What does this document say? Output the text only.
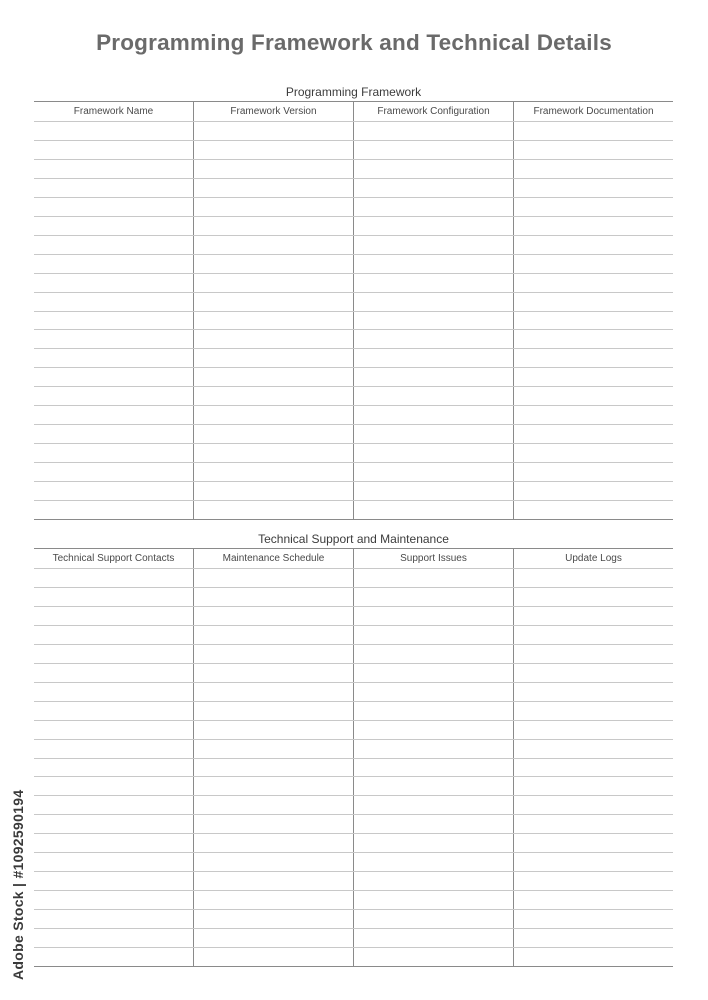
Programming Framework and Technical Details
Programming Framework
Framework Name	Framework Version	Framework Configuration	Framework Documentation
Technical Support and Maintenance
Technical Support Contacts	Maintenance Schedule	Support Issues	Update Logs
Adobe Stock | #1092590194
